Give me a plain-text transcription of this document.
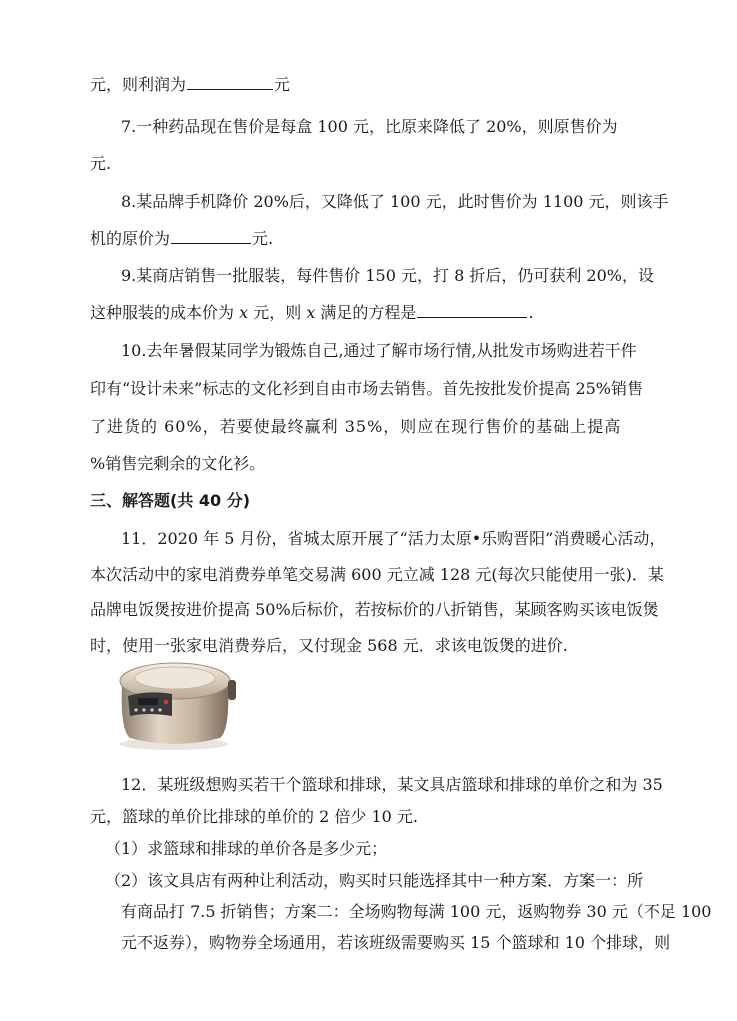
元，则利润为	元
7.一种药品现在售价是每盒 100 元，比原来降低了 20%，则原售价为
元.
8.某品牌手机降价 20%后，又降低了 100 元，此时售价为 1100 元，则该手
机的原价为	元.
9.某商店销售一批服装，每件售价 150 元，打 8 折后，仍可获利 20%，设
这种服装的成本价为 x 元，则 x 满足的方程是	.
10.去年暑假某同学为锻炼自己,通过了解市场行情,从批发市场购进若干件
印有“设计未来”标志的文化衫到自由市场去销售。首先按批发价提高 25%销售
了进货的 60%，若要使最终赢利 35%，则应在现行售价的基础上提高
%销售完剩余的文化衫。
三、解答题(共 40 分)
11．2020 年 5 月份，省城太原开展了“活力太原•乐购晋阳”消费暖心活动，
本次活动中的家电消费券单笔交易满 600 元立减 128 元(每次只能使用一张)．某
品牌电饭煲按进价提高 50%后标价，若按标价的八折销售，某顾客购买该电饭煲
时，使用一张家电消费券后，又付现金 568 元．求该电饭煲的进价.
12．某班级想购买若干个篮球和排球，某文具店篮球和排球的单价之和为 35
元，篮球的单价比排球的单价的 2 倍少 10 元.
（1）求篮球和排球的单价各是多少元；
（2）该文具店有两种让利活动，购买时只能选择其中一种方案．方案一：所
有商品打 7.5 折销售；方案二：全场购物每满 100 元，返购物券 30 元（不足 100
元不返券），购物券全场通用，若该班级需要购买 15 个篮球和 10 个排球，则
